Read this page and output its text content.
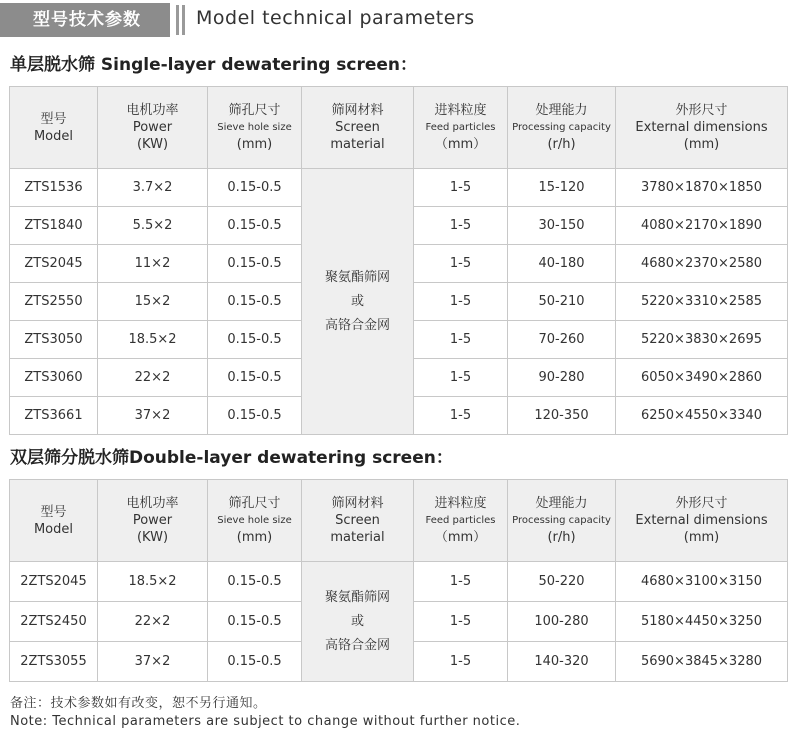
型号技术参数	Model technical parameters
单层脱水筛 Single-layer dewatering screen：
型号
Model	电机功率
Power
(KW)	筛孔尺寸
Sieve hole size
(mm)	筛网材料
Screen
material	进料粒度
Feed particles
（mm）	处理能力
Processing capacity
(r/h)	外形尺寸
External dimensions
(mm)

ZTS1536	3.7×2	0.15-0.5	聚氨酯筛网
或
高铬合金网	1-5	15-120	3780×1870×1850
ZTS1840	5.5×2	0.15-0.5		1-5	30-150	4080×2170×1890
ZTS2045	11×2	0.15-0.5		1-5	40-180	4680×2370×2580
ZTS2550	15×2	0.15-0.5		1-5	50-210	5220×3310×2585
ZTS3050	18.5×2	0.15-0.5		1-5	70-260	5220×3830×2695
ZTS3060	22×2	0.15-0.5		1-5	90-280	6050×3490×2860
ZTS3661	37×2	0.15-0.5		1-5	120-350	6250×4550×3340
双层筛分脱水筛Double-layer dewatering screen：
型号
Model	电机功率
Power
(KW)	筛孔尺寸
Sieve hole size
(mm)	筛网材料
Screen
material	进料粒度
Feed particles
（mm）	处理能力
Processing capacity
(r/h)	外形尺寸
External dimensions
(mm)

2ZTS2045	18.5×2	0.15-0.5	聚氨酯筛网
或
高铬合金网	1-5	50-220	4680×3100×3150
2ZTS2450	22×2	0.15-0.5		1-5	100-280	5180×4450×3250
2ZTS3055	37×2	0.15-0.5		1-5	140-320	5690×3845×3280
备注：技术参数如有改变，恕不另行通知。
Note: Technical parameters are subject to change without further notice.
